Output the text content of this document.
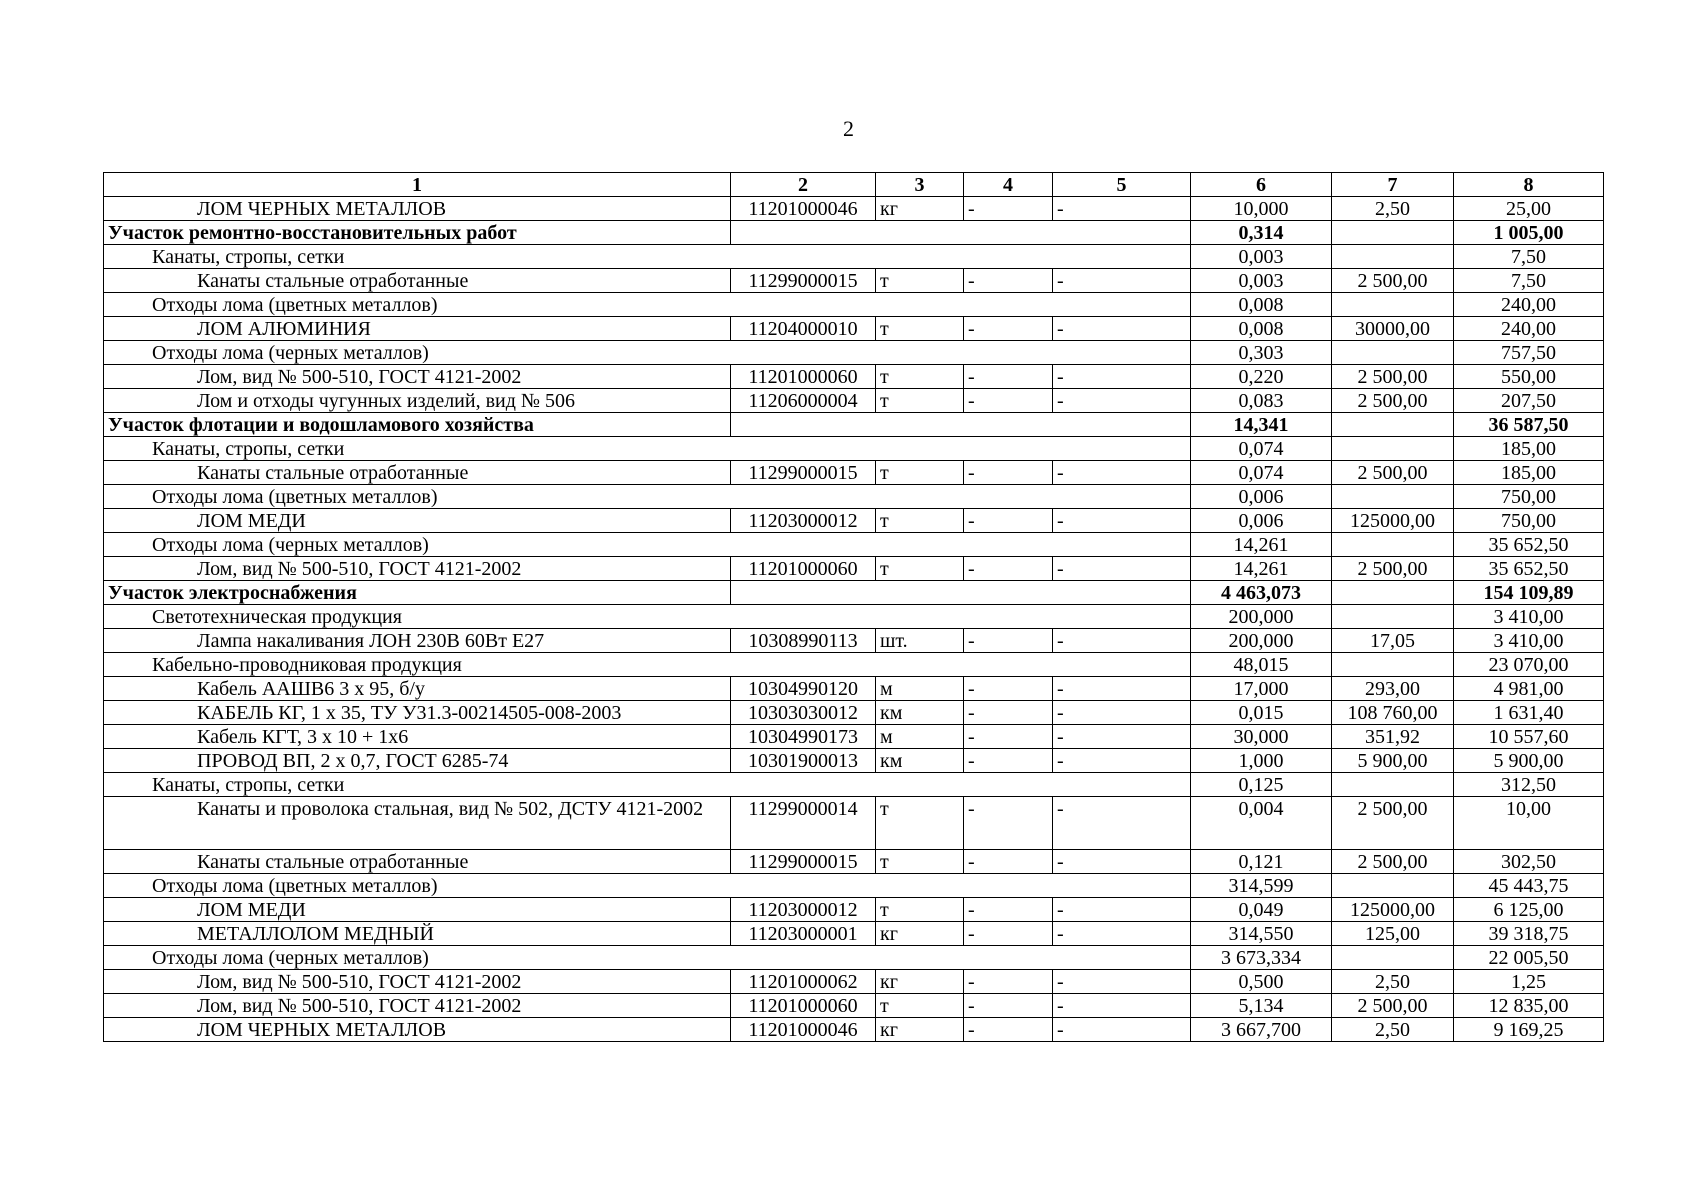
2
1	2	3	4	5	6	7	8
ЛОМ ЧЕРНЫХ МЕТАЛЛОВ	11201000046	кг	-	-	10,000	2,50	25,00
Участок ремонтно-восстановительных работ					0,314		1 005,00
Канаты, стропы, сетки					0,003		7,50
Канаты стальные отработанные	11299000015	т	-	-	0,003	2 500,00	7,50
Отходы лома (цветных металлов)					0,008		240,00
ЛОМ АЛЮМИНИЯ	11204000010	т	-	-	0,008	30000,00	240,00
Отходы лома (черных металлов)					0,303		757,50
Лом, вид № 500-510, ГОСТ 4121-2002	11201000060	т	-	-	0,220	2 500,00	550,00
Лом и отходы чугунных изделий, вид № 506	11206000004	т	-	-	0,083	2 500,00	207,50
Участок флотации и водошламового хозяйства					14,341		36 587,50
Канаты, стропы, сетки					0,074		185,00
Канаты стальные отработанные	11299000015	т	-	-	0,074	2 500,00	185,00
Отходы лома (цветных металлов)					0,006		750,00
ЛОМ МЕДИ	11203000012	т	-	-	0,006	125000,00	750,00
Отходы лома (черных металлов)					14,261		35 652,50
Лом, вид № 500-510, ГОСТ 4121-2002	11201000060	т	-	-	14,261	2 500,00	35 652,50
Участок электроснабжения					4 463,073		154 109,89
Светотехническая продукция					200,000		3 410,00
Лампа накаливания ЛОН 230В 60Вт Е27	10308990113	шт.	-	-	200,000	17,05	3 410,00
Кабельно-проводниковая продукция					48,015		23 070,00
Кабель ААШВ6 3 х 95, б/у	10304990120	м	-	-	17,000	293,00	4 981,00
КАБЕЛЬ КГ, 1 х 35, ТУ У31.3-00214505-008-2003	10303030012	км	-	-	0,015	108 760,00	1 631,40
Кабель КГТ, 3 х 10 + 1х6	10304990173	м	-	-	30,000	351,92	10 557,60
ПРОВОД ВП, 2 х 0,7, ГОСТ 6285-74	10301900013	км	-	-	1,000	5 900,00	5 900,00
Канаты, стропы, сетки					0,125		312,50
Канаты и проволока стальная, вид № 502, ДСТУ 4121-2002	11299000014	т	-	-	0,004	2 500,00	10,00
Канаты стальные отработанные	11299000015	т	-	-	0,121	2 500,00	302,50
Отходы лома (цветных металлов)					314,599		45 443,75
ЛОМ МЕДИ	11203000012	т	-	-	0,049	125000,00	6 125,00
МЕТАЛЛОЛОМ МЕДНЫЙ	11203000001	кг	-	-	314,550	125,00	39 318,75
Отходы лома (черных металлов)					3 673,334		22 005,50
Лом, вид № 500-510, ГОСТ 4121-2002	11201000062	кг	-	-	0,500	2,50	1,25
Лом, вид № 500-510, ГОСТ 4121-2002	11201000060	т	-	-	5,134	2 500,00	12 835,00
ЛОМ ЧЕРНЫХ МЕТАЛЛОВ	11201000046	кг	-	-	3 667,700	2,50	9 169,25
